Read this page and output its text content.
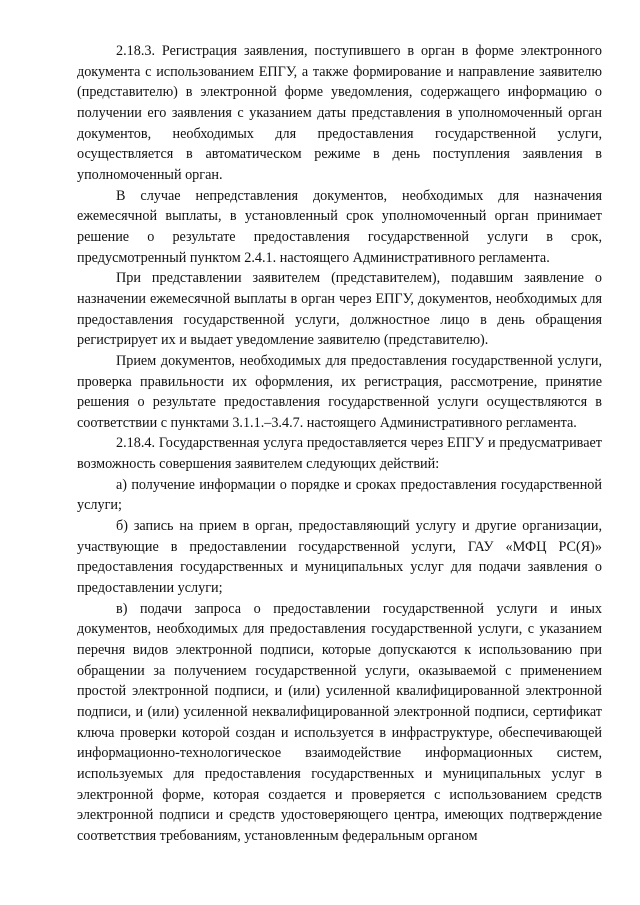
2.18.3. Регистрация заявления, поступившего в орган в форме электронного документа с использованием ЕПГУ, а также формирование и направление заявителю (представителю) в электронной форме уведомления, содержащего информацию о получении его заявления с указанием даты представления в уполномоченный орган документов, необходимых для предоставления государственной услуги, осуществляется в автоматическом режиме в день поступления заявления в уполномоченный орган.

В случае непредставления документов, необходимых для назначения ежемесячной выплаты, в установленный срок уполномоченный орган принимает решение о результате предоставления государственной услуги в срок, предусмотренный пунктом 2.4.1. настоящего Административного регламента.

При представлении заявителем (представителем), подавшим заявление о назначении ежемесячной выплаты в орган через ЕПГУ, документов, необходимых для предоставления государственной услуги, должностное лицо в день обращения регистрирует их и выдает уведомление заявителю (представителю).

Прием документов, необходимых для предоставления государственной услуги, проверка правильности их оформления, их регистрация, рассмотрение, принятие решения о результате предоставления государственной услуги осуществляются в соответствии с пунктами 3.1.1.–3.4.7. настоящего Административного регламента.

2.18.4. Государственная услуга предоставляется через ЕПГУ и предусматривает возможность совершения заявителем следующих действий:

а) получение информации о порядке и сроках предоставления государственной услуги;

б) запись на прием в орган, предоставляющий услугу и другие организации, участвующие в предоставлении государственной услуги, ГАУ «МФЦ РС(Я)» предоставления государственных и муниципальных услуг для подачи заявления о предоставлении услуги;

в) подачи запроса о предоставлении государственной услуги и иных документов, необходимых для предоставления государственной услуги, с указанием перечня видов электронной подписи, которые допускаются к использованию при обращении за получением государственной услуги, оказываемой с применением простой электронной подписи, и (или) усиленной квалифицированной электронной подписи, и (или) усиленной неквалифицированной электронной подписи, сертификат ключа проверки которой создан и используется в инфраструктуре, обеспечивающей информационно-технологическое взаимодействие информационных систем, используемых для предоставления государственных и муниципальных услуг в электронной форме, которая создается и проверяется с использованием средств электронной подписи и средств удостоверяющего центра, имеющих подтверждение соответствия требованиям, установленным федеральным органом
